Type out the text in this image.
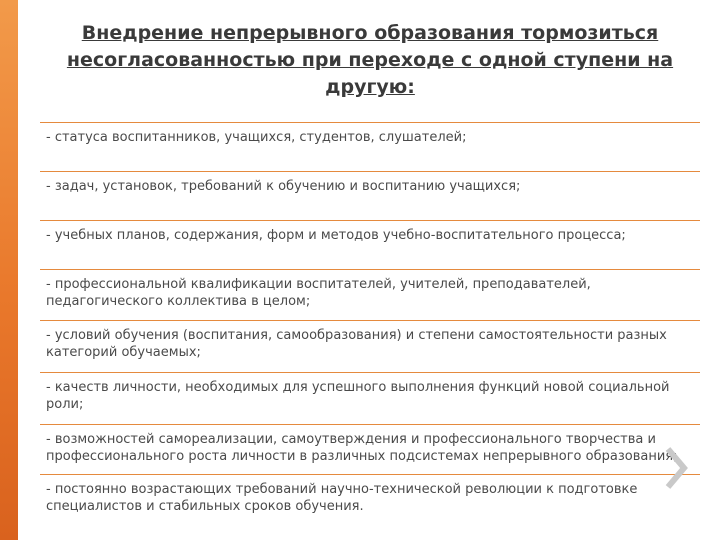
Внедрение непрерывного образования тормозиться несогласованностью при переходе с одной ступени на другую:
- статуса воспитанников, учащихся, студентов, слушателей;
- задач, установок, требований к обучению и воспитанию учащихся;
- учебных планов, содержания, форм и методов учебно-воспитательного процесса;
- профессиональной квалификации воспитателей, учителей, преподавателей, педагогического коллектива в целом;
- условий обучения (воспитания, самообразования) и степени самостоятельности разных категорий обучаемых;
- качеств личности, необходимых для успешного выполнения функций новой социальной роли;
- возможностей самореализации, самоутверждения и профессионального творчества и профессионального роста личности в различных подсистемах непрерывного образования;
- постоянно возрастающих требований научно-технической революции к подготовке специалистов и стабильных сроков обучения.
